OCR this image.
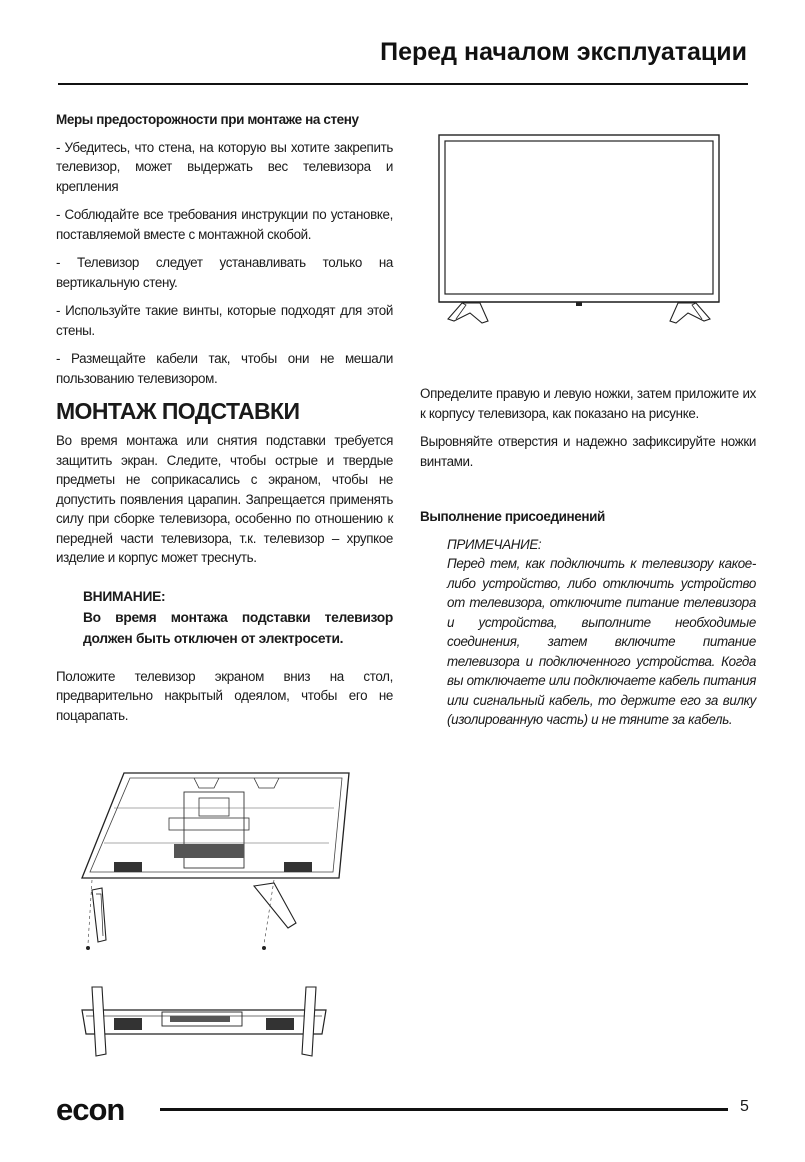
Перед началом эксплуатации
Меры предосторожности при монтаже на стену

- Убедитесь, что стена, на которую вы хотите закрепить телевизор, может выдержать вес телевизора и крепления

- Соблюдайте все требования инструкции по установке, поставляемой вместе с монтажной скобой.

- Телевизор следует устанавливать только на вертикальную стену.

- Используйте такие винты, которые подходят для этой стены.

- Размещайте кабели так, чтобы они не мешали пользованию телевизором.

МОНТАЖ ПОДСТАВКИ

Во время монтажа или снятия подставки требуется защитить экран. Следите, чтобы острые и твердые предметы не соприкасались с экраном, чтобы не допустить появления царапин. Запрещается применять силу при сборке телевизора, особенно по отношению к передней части телевизора, т.к. телевизор – хрупкое изделие и корпус может треснуть.

ВНИМАНИЕ:
Во время монтажа подставки телевизор должен быть отключен от электросети.

Положите телевизор экраном вниз на стол, предварительно накрытый одеялом, чтобы его не поцарапать.

Определите правую и левую ножки, затем приложите их к корпусу телевизора, как показано на рисунке.

Выровняйте отверстия и надежно зафиксируйте ножки винтами.

Выполнение присоединений
ПРИМЕЧАНИЕ:
Перед тем, как подключить к телевизору какое-либо устройство, либо отключить устройство от телевизора, отключите питание телевизора и устройства, выполните необходимые соединения, затем включите питание телевизора и подключенного устройства. Когда вы отключаете или подключаете кабель питания или сигнальный кабель, то держите его за вилку (изолированную часть) и не тяните за кабель.
econ	5
